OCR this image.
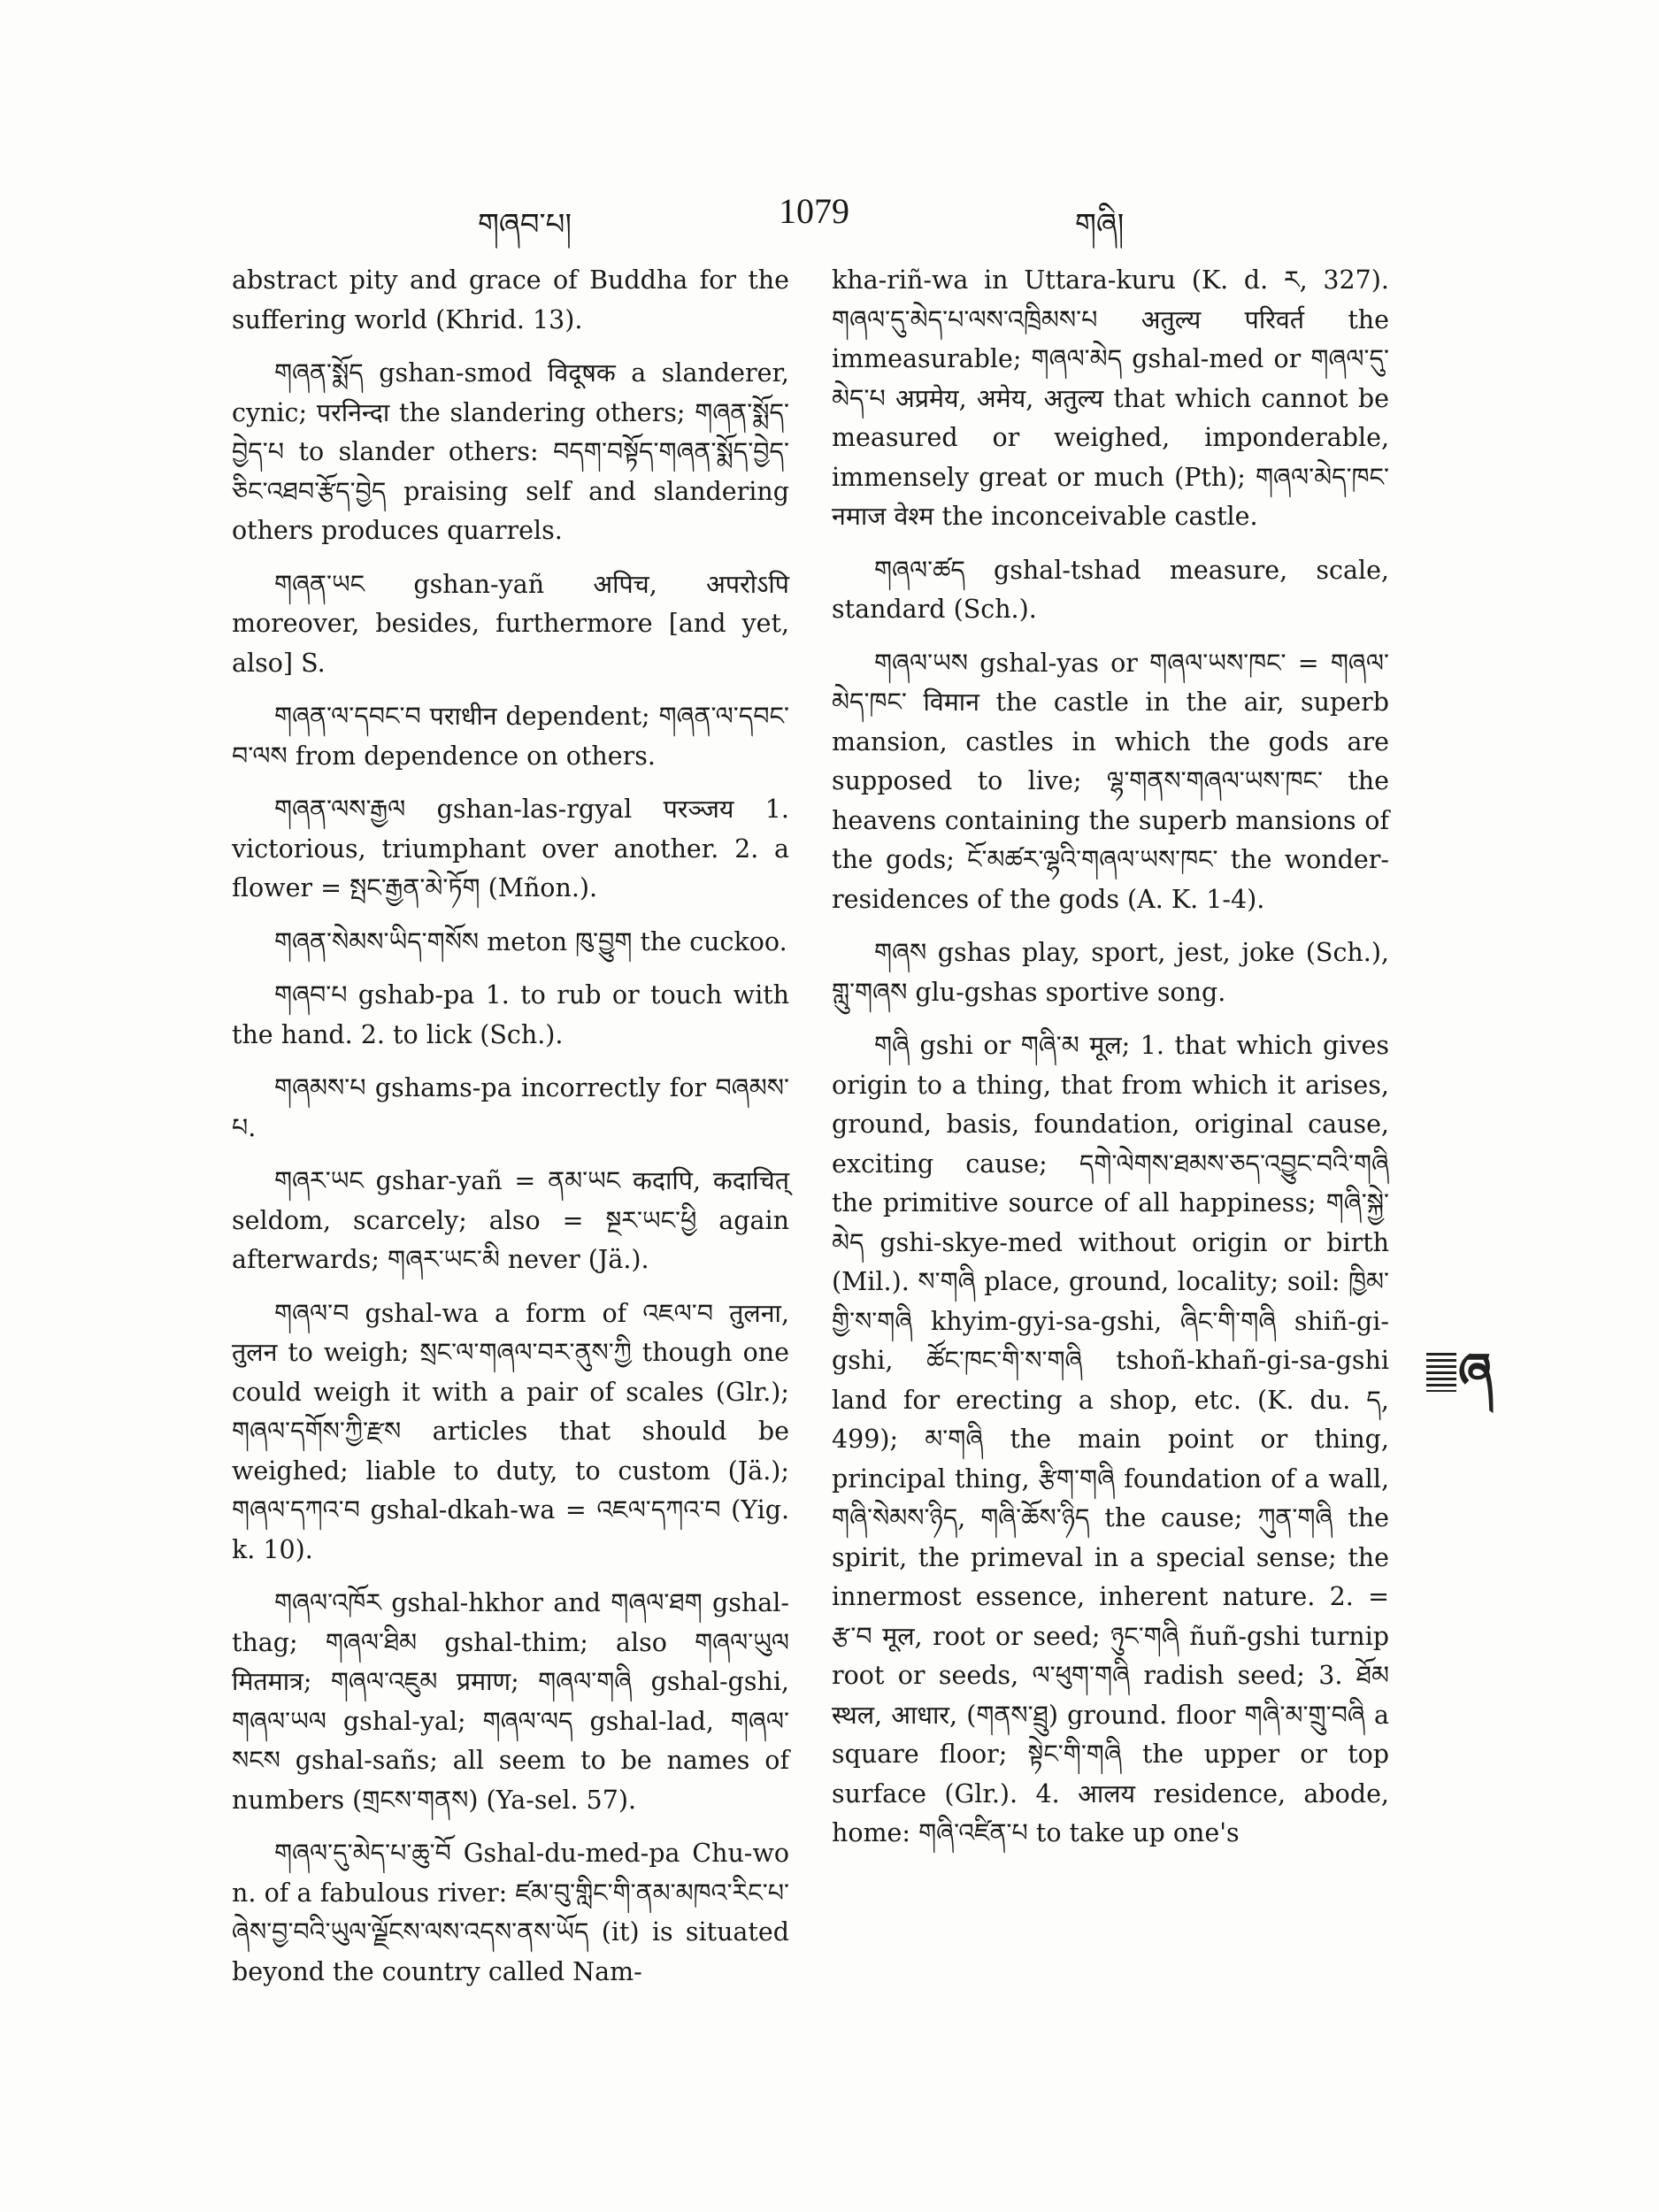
གཞབ་པ།	1079	གཞི།

abstract pity and grace of Buddha for the suffering world (Khrid. 13).

གཞན་སྨོད gshan-smod विदूषक a slanderer, cynic; परनिन्दा the slandering others; གཞན་སྨོད་བྱེད་པ to slander others: བདག་བསྟོད་གཞན་སྨོད་བྱེད་ཅིང་འཐབ་རྩོད་བྱེད praising self and slandering others produces quarrels.

གཞན་ཡང gshan-yañ अपिच, अपरोऽपि moreover, besides, furthermore [and yet, also] S.

གཞན་ལ་དབང་བ पराधीन dependent; གཞན་ལ་དབང་བ་ལས from dependence on others.

གཞན་ལས་རྒྱལ gshan-las-rgyal परञ्जय 1. victorious, triumphant over another. 2. a flower = སྤང་རྒྱན་མེ་ཏོག (Mñon.).

གཞན་སེམས་ཡིད་གསོས meton ཁུ་བྱུག the cuckoo.

གཞབ་པ gshab-pa 1. to rub or touch with the hand. 2. to lick (Sch.).

གཞམས་པ gshams-pa incorrectly for བཞམས་པ.

གཞར་ཡང gshar-yañ = ནམ་ཡང कदापि, कदाचित् seldom, scarcely; also = སྔར་ཡང་ཕྱི again afterwards; གཞར་ཡང་མི never (Jä.).

གཞལ་བ gshal-wa a form of འཇལ་བ तुलना, तुलन to weigh; སྲང་ལ་གཞལ་བར་ནུས་ཀྱི though one could weigh it with a pair of scales (Glr.); གཞལ་དགོས་ཀྱི་རྫས articles that should be weighed; liable to duty, to custom (Jä.); གཞལ་དཀའ་བ gshal-dkah-wa = འཇལ་དཀའ་བ (Yig. k. 10).

གཞལ་འཁོར gshal-hkhor and གཞལ་ཐག gshal-thag; གཞལ་ཐིམ gshal-thim; also གཞལ་ཡུལ मितमात्र; གཞལ་འཇུམ प्रमाण; གཞལ་གཞི gshal-gshi, གཞལ་ཡལ gshal-yal; གཞལ་ལད gshal-lad, གཞལ་སངས gshal-sañs; all seem to be names of numbers (གྲངས་གནས) (Ya-sel. 57).

གཞལ་དུ་མེད་པ་ཆུ་བོ Gshal-du-med-pa Chu-wo n. of a fabulous river: ཛམ་བུ་གླིང་གི་ནམ་མཁའ་རིང་པ་ཞེས་བྱ་བའི་ཡུལ་ལྗོངས་ལས་འདས་ནས་ཡོད (it) is situated beyond the country called Nam-

kha-riñ-wa in Uttara-kuru (K. d. ར, 327). གཞལ་དུ་མེད་པ་ལས་འཁྲིམས་པ अतुल्य परिवर्त the immeasurable; གཞལ་མེད gshal-med or གཞལ་དུ་མེད་པ अप्रमेय, अमेय, अतुल्य that which cannot be measured or weighed, imponderable, immensely great or much (Pth); གཞལ་མེད་ཁང་ नमाज वेश्म the inconceivable castle.

གཞལ་ཚད gshal-tshad measure, scale, standard (Sch.).

གཞལ་ཡས gshal-yas or གཞལ་ཡས་ཁང་ = གཞལ་མེད་ཁང་ विमान the castle in the air, superb mansion, castles in which the gods are supposed to live; ལྷ་གནས་གཞལ་ཡས་ཁང་ the heavens containing the superb mansions of the gods; ངོ་མཚར་ལྷའི་གཞལ་ཡས་ཁང་ the wonder-residences of the gods (A. K. 1-4).

གཞས gshas play, sport, jest, joke (Sch.), གླུ་གཞས glu-gshas sportive song.

གཞི gshi or གཞི་མ मूल; 1. that which gives origin to a thing, that from which it arises, ground, basis, foundation, original cause, exciting cause; དགེ་ལེགས་ཐམས་ཅད་འབྱུང་བའི་གཞི the primitive source of all happiness; གཞི་སྐྱེ་མེད gshi-skye-med without origin or birth (Mil.). ས་གཞི place, ground, locality; soil: ཁྱིམ་གྱི་ས་གཞི khyim-gyi-sa-gshi, ཞིང་གི་གཞི shiñ-gi-gshi, ཚོང་ཁང་གི་ས་གཞི tshoñ-khañ-gi-sa-gshi land for erecting a shop, etc. (K. du. ད, 499); མ་གཞི the main point or thing, principal thing, རྩིག་གཞི foundation of a wall, གཞི་སེམས་ཉིད, གཞི་ཆོས་ཉིད the cause; ཀུན་གཞི the spirit, the primeval in a special sense; the innermost essence, inherent nature. 2. = རྩ་བ मूल, root or seed; ཉུང་གཞི ñuñ-gshi turnip root or seeds, ལ་ཕུག་གཞི radish seed; 3. ཐོམ स्थल, आधार, (གནས་ཐྲུ) ground. floor གཞི་མ་གྲུ་བཞི a square floor; སྟེང་གི་གཞི the upper or top surface (Glr.). 4. आलय residence, abode, home: གཞི་འཛིན་པ to take up one's

ཞ
